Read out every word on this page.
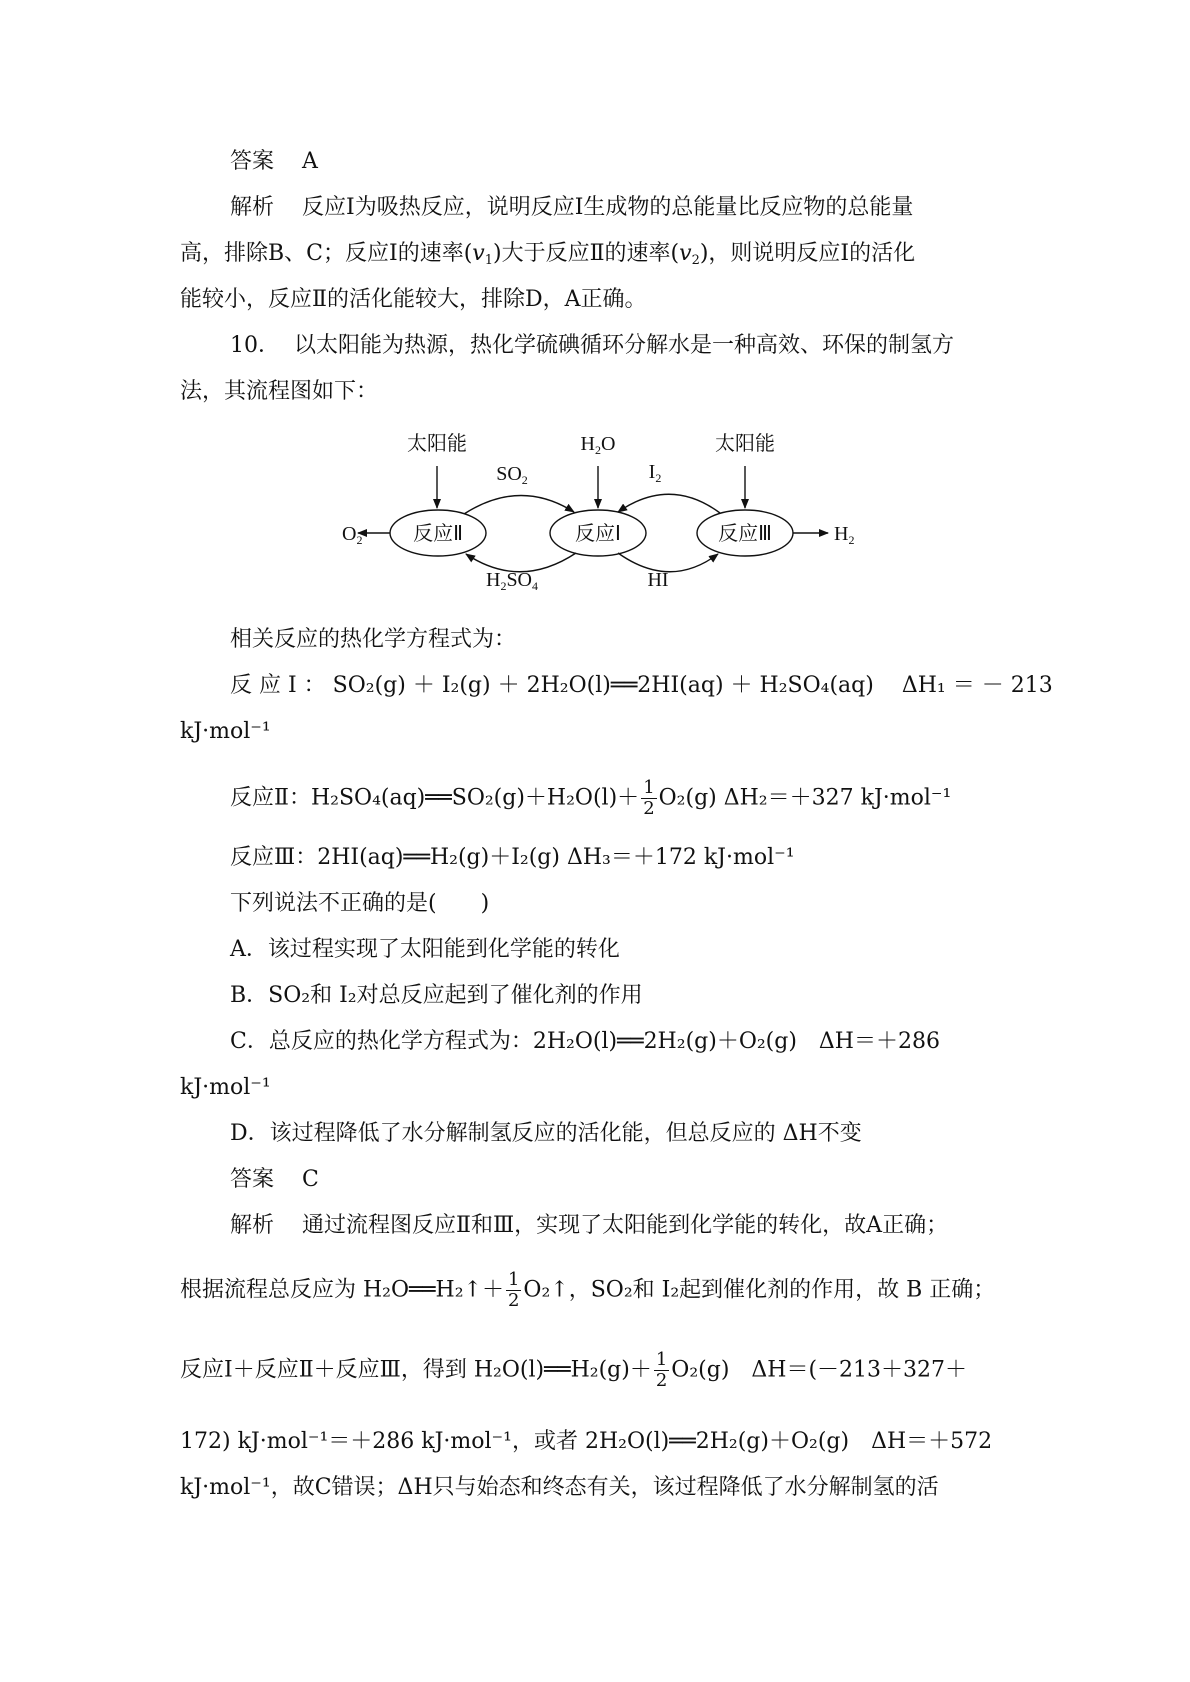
答案 A
解析 反应Ⅰ为吸热反应，说明反应Ⅰ生成物的总能量比反应物的总能量
高，排除B、C；反应Ⅰ的速率$(v_1)$大于反应Ⅱ的速率$(v_2)$，则说明反应Ⅰ的活化
能较小，反应Ⅱ的活化能较大，排除D，A正确。
10． 以太阳能为热源，热化学硫碘循环分解水是一种高效、环保的制氢方
法，其流程图如下：
太阳能	太阳能
$H_2O$
反应Ⅱ	反应Ⅰ	反应Ⅲ
$SO_2$
$H_2SO_4$
$I_2$
HI
$O_2$	$H_2$
相关反应的热化学方程式为：
反 应 Ⅰ ： SO₂(g) ＋ I₂(g) ＋ 2H₂O(l)══2HI(aq) ＋ H₂SO₄(aq) ΔH₁ ＝ － 213
kJ·mol⁻¹
反应Ⅱ：H₂SO₄(aq)══SO₂(g)＋H₂O(l)＋ $\frac{1}{2} O_2(g)$ ΔH₂＝＋327 kJ·mol⁻¹
反应Ⅲ：2HI(aq)══H₂(g)＋I₂(g) ΔH₃＝＋172 kJ·mol⁻¹
下列说法不正确的是(　　)
A．该过程实现了太阳能到化学能的转化
B．SO₂和 I₂对总反应起到了催化剂的作用
C．总反应的热化学方程式为：2H₂O(l)══2H₂(g)＋O₂(g)　ΔH＝＋286
kJ·mol⁻¹
D．该过程降低了水分解制氢反应的活化能，但总反应的 ΔH不变
答案 C
解析 通过流程图反应Ⅱ和Ⅲ，实现了太阳能到化学能的转化，故A正确；
根据流程总反应为 H₂O══H₂↑＋ $\frac{1}{2}$ O₂↑，SO₂和 I₂起到催化剂的作用，故 B 正确；
反应Ⅰ＋反应Ⅱ＋反应Ⅲ，得到 H₂O(l)══H₂(g)＋ $\frac{1}{2} O_2(g)$　ΔH＝(－213＋327＋
172) kJ·mol⁻¹＝＋286 kJ·mol⁻¹，或者 2H₂O(l)══2H₂(g)＋O₂(g)　ΔH＝＋572
kJ·mol⁻¹，故C错误；ΔH只与始态和终态有关，该过程降低了水分解制氢的活
